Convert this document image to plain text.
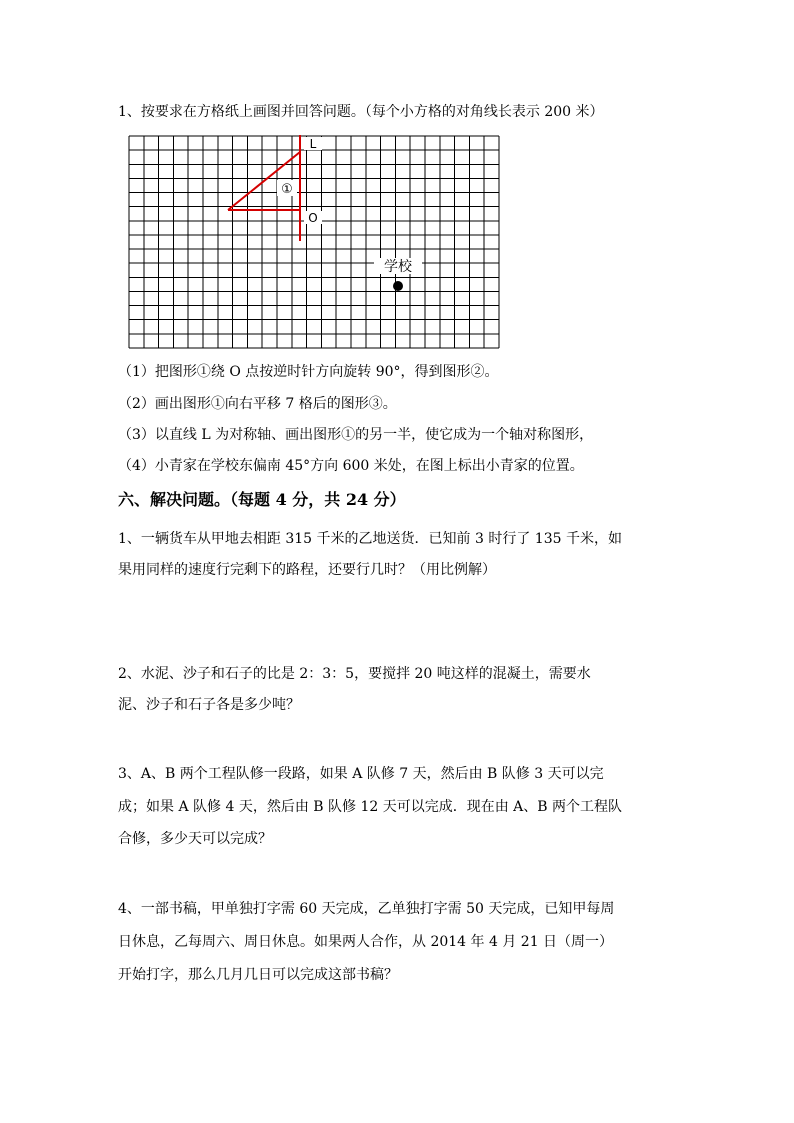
1、按要求在方格纸上画图并回答问题。（每个小方格的对角线长表示 200 米）
L
O
①
学校
（1）把图形①绕 O 点按逆时针方向旋转 90°，得到图形②。
（2）画出图形①向右平移 7 格后的图形③。
（3）以直线 L 为对称轴、画出图形①的另一半，使它成为一个轴对称图形，
（4）小青家在学校东偏南 45°方向 600 米处，在图上标出小青家的位置。
六、解决问题。（每题 4 分，共 24 分）
1、一辆货车从甲地去相距 315 千米的乙地送货．已知前 3 时行了 135 千米，如
果用同样的速度行完剩下的路程，还要行几时？（用比例解）
2、水泥、沙子和石子的比是 2：3：5，要搅拌 20 吨这样的混凝土，需要水
泥、沙子和石子各是多少吨？
3、A、B 两个工程队修一段路，如果 A 队修 7 天，然后由 B 队修 3 天可以完
成；如果 A 队修 4 天，然后由 B 队修 12 天可以完成．现在由 A、B 两个工程队
合修，多少天可以完成？
4、一部书稿，甲单独打字需 60 天完成，乙单独打字需 50 天完成，已知甲每周
日休息，乙每周六、周日休息。如果两人合作，从 2014 年 4 月 21 日（周一）
开始打字，那么几月几日可以完成这部书稿？
